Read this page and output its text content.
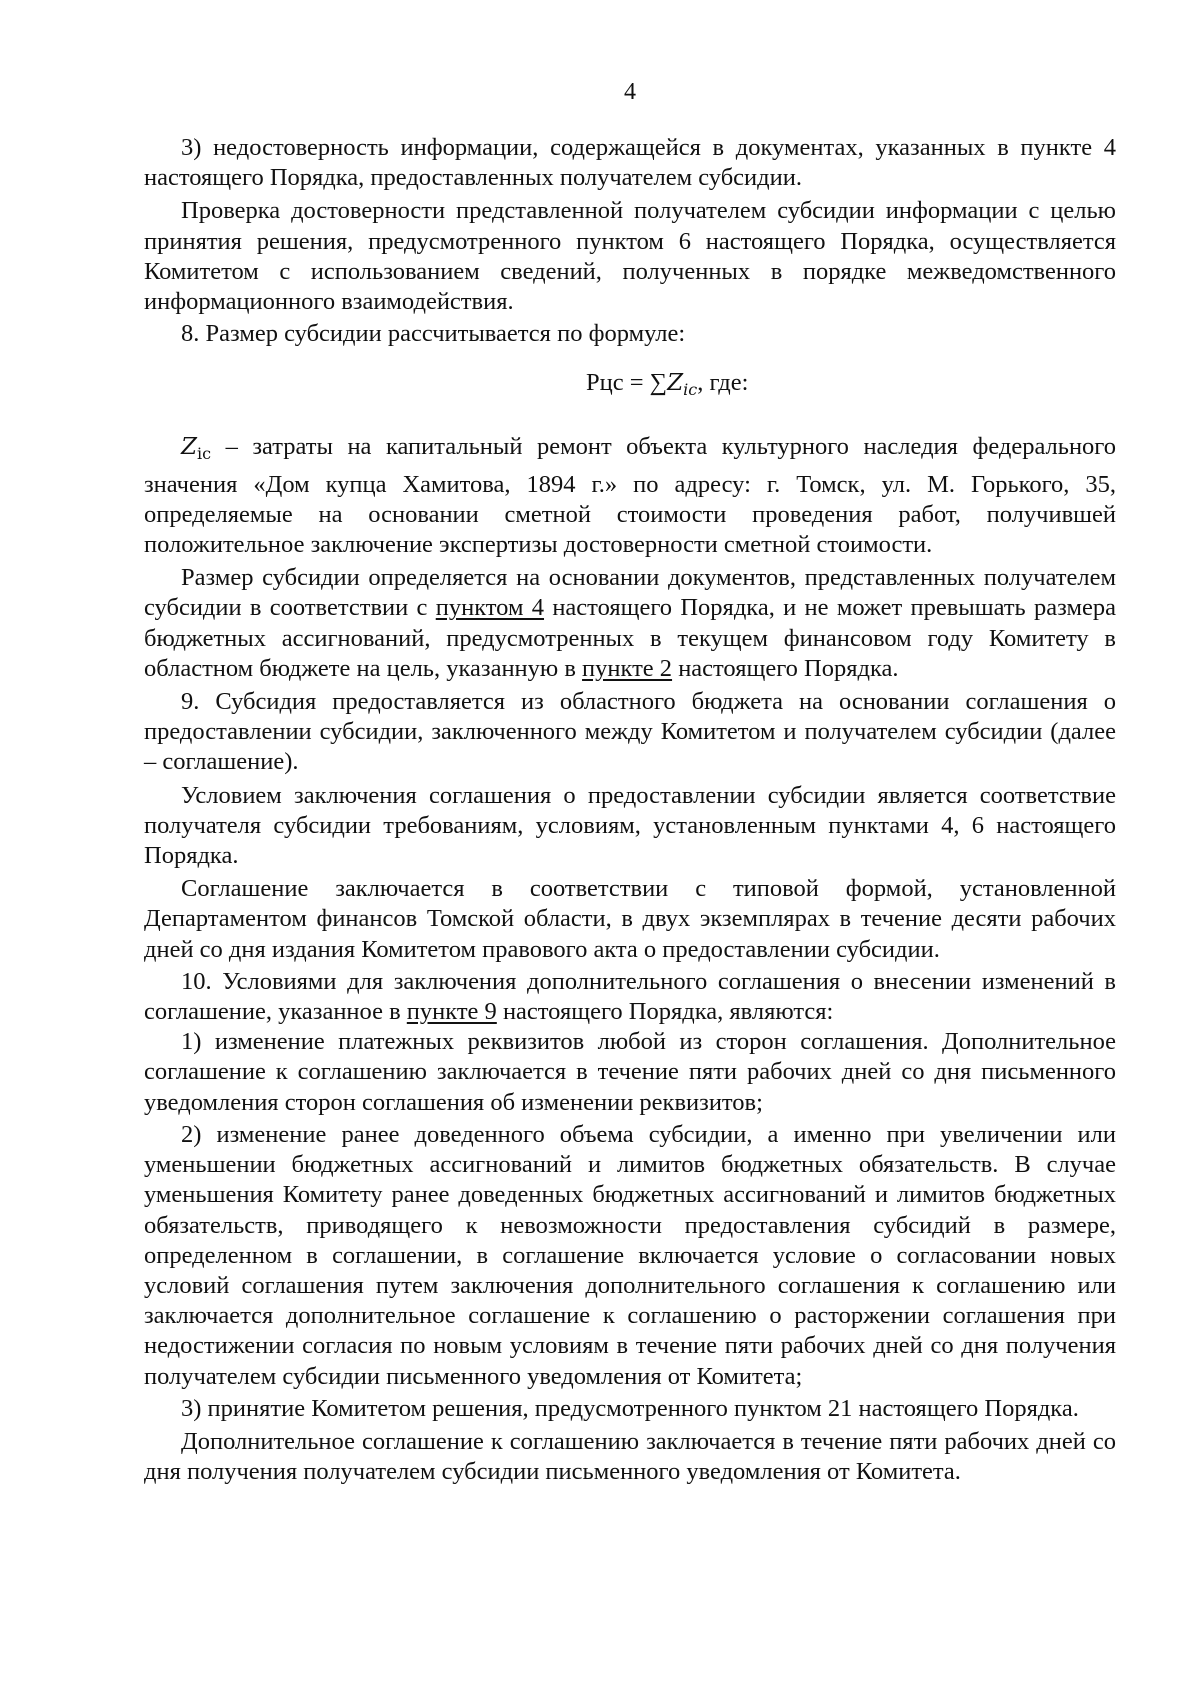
4

3) недостоверность информации, содержащейся в документах, указанных в пункте 4 настоящего Порядка, предоставленных получателем субсидии.

Проверка достоверности представленной получателем субсидии информации с целью принятия решения, предусмотренного пунктом 6 настоящего Порядка, осуществляется Комитетом с использованием сведений, полученных в порядке межведомственного информационного взаимодействия.

8. Размер субсидии рассчитывается по формуле:

Рцс = $\sum Z_{ic}$, где:

$Z_{ic}$ – затраты на капитальный ремонт объекта культурного наследия федерального значения «Дом купца Хамитова, 1894 г.» по адресу: г. Томск, ул. М. Горького, 35, определяемые на основании сметной стоимости проведения работ, получившей положительное заключение экспертизы достоверности сметной стоимости.

Размер субсидии определяется на основании документов, представленных получателем субсидии в соответствии с пунктом 4 настоящего Порядка, и не может превышать размера бюджетных ассигнований, предусмотренных в текущем финансовом году Комитету в областном бюджете на цель, указанную в пункте 2 настоящего Порядка.

9. Субсидия предоставляется из областного бюджета на основании соглашения о предоставлении субсидии, заключенного между Комитетом и получателем субсидии (далее – соглашение).

Условием заключения соглашения о предоставлении субсидии является соответствие получателя субсидии требованиям, условиям, установленным пунктами 4, 6 настоящего Порядка.

Соглашение заключается в соответствии с типовой формой, установленной Департаментом финансов Томской области, в двух экземплярах в течение десяти рабочих дней со дня издания Комитетом правового акта о предоставлении субсидии.

10. Условиями для заключения дополнительного соглашения о внесении изменений в соглашение, указанное в пункте 9 настоящего Порядка, являются:

1) изменение платежных реквизитов любой из сторон соглашения. Дополнительное соглашение к соглашению заключается в течение пяти рабочих дней со дня письменного уведомления сторон соглашения об изменении реквизитов;

2) изменение ранее доведенного объема субсидии, а именно при увеличении или уменьшении бюджетных ассигнований и лимитов бюджетных обязательств. В случае уменьшения Комитету ранее доведенных бюджетных ассигнований и лимитов бюджетных обязательств, приводящего к невозможности предоставления субсидий в размере, определенном в соглашении, в соглашение включается условие о согласовании новых условий соглашения путем заключения дополнительного соглашения к соглашению или заключается дополнительное соглашение к соглашению о расторжении соглашения при недостижении согласия по новым условиям в течение пяти рабочих дней со дня получения получателем субсидии письменного уведомления от Комитета;

3) принятие Комитетом решения, предусмотренного пунктом 21 настоящего Порядка.

Дополнительное соглашение к соглашению заключается в течение пяти рабочих дней со дня получения получателем субсидии письменного уведомления от Комитета.
